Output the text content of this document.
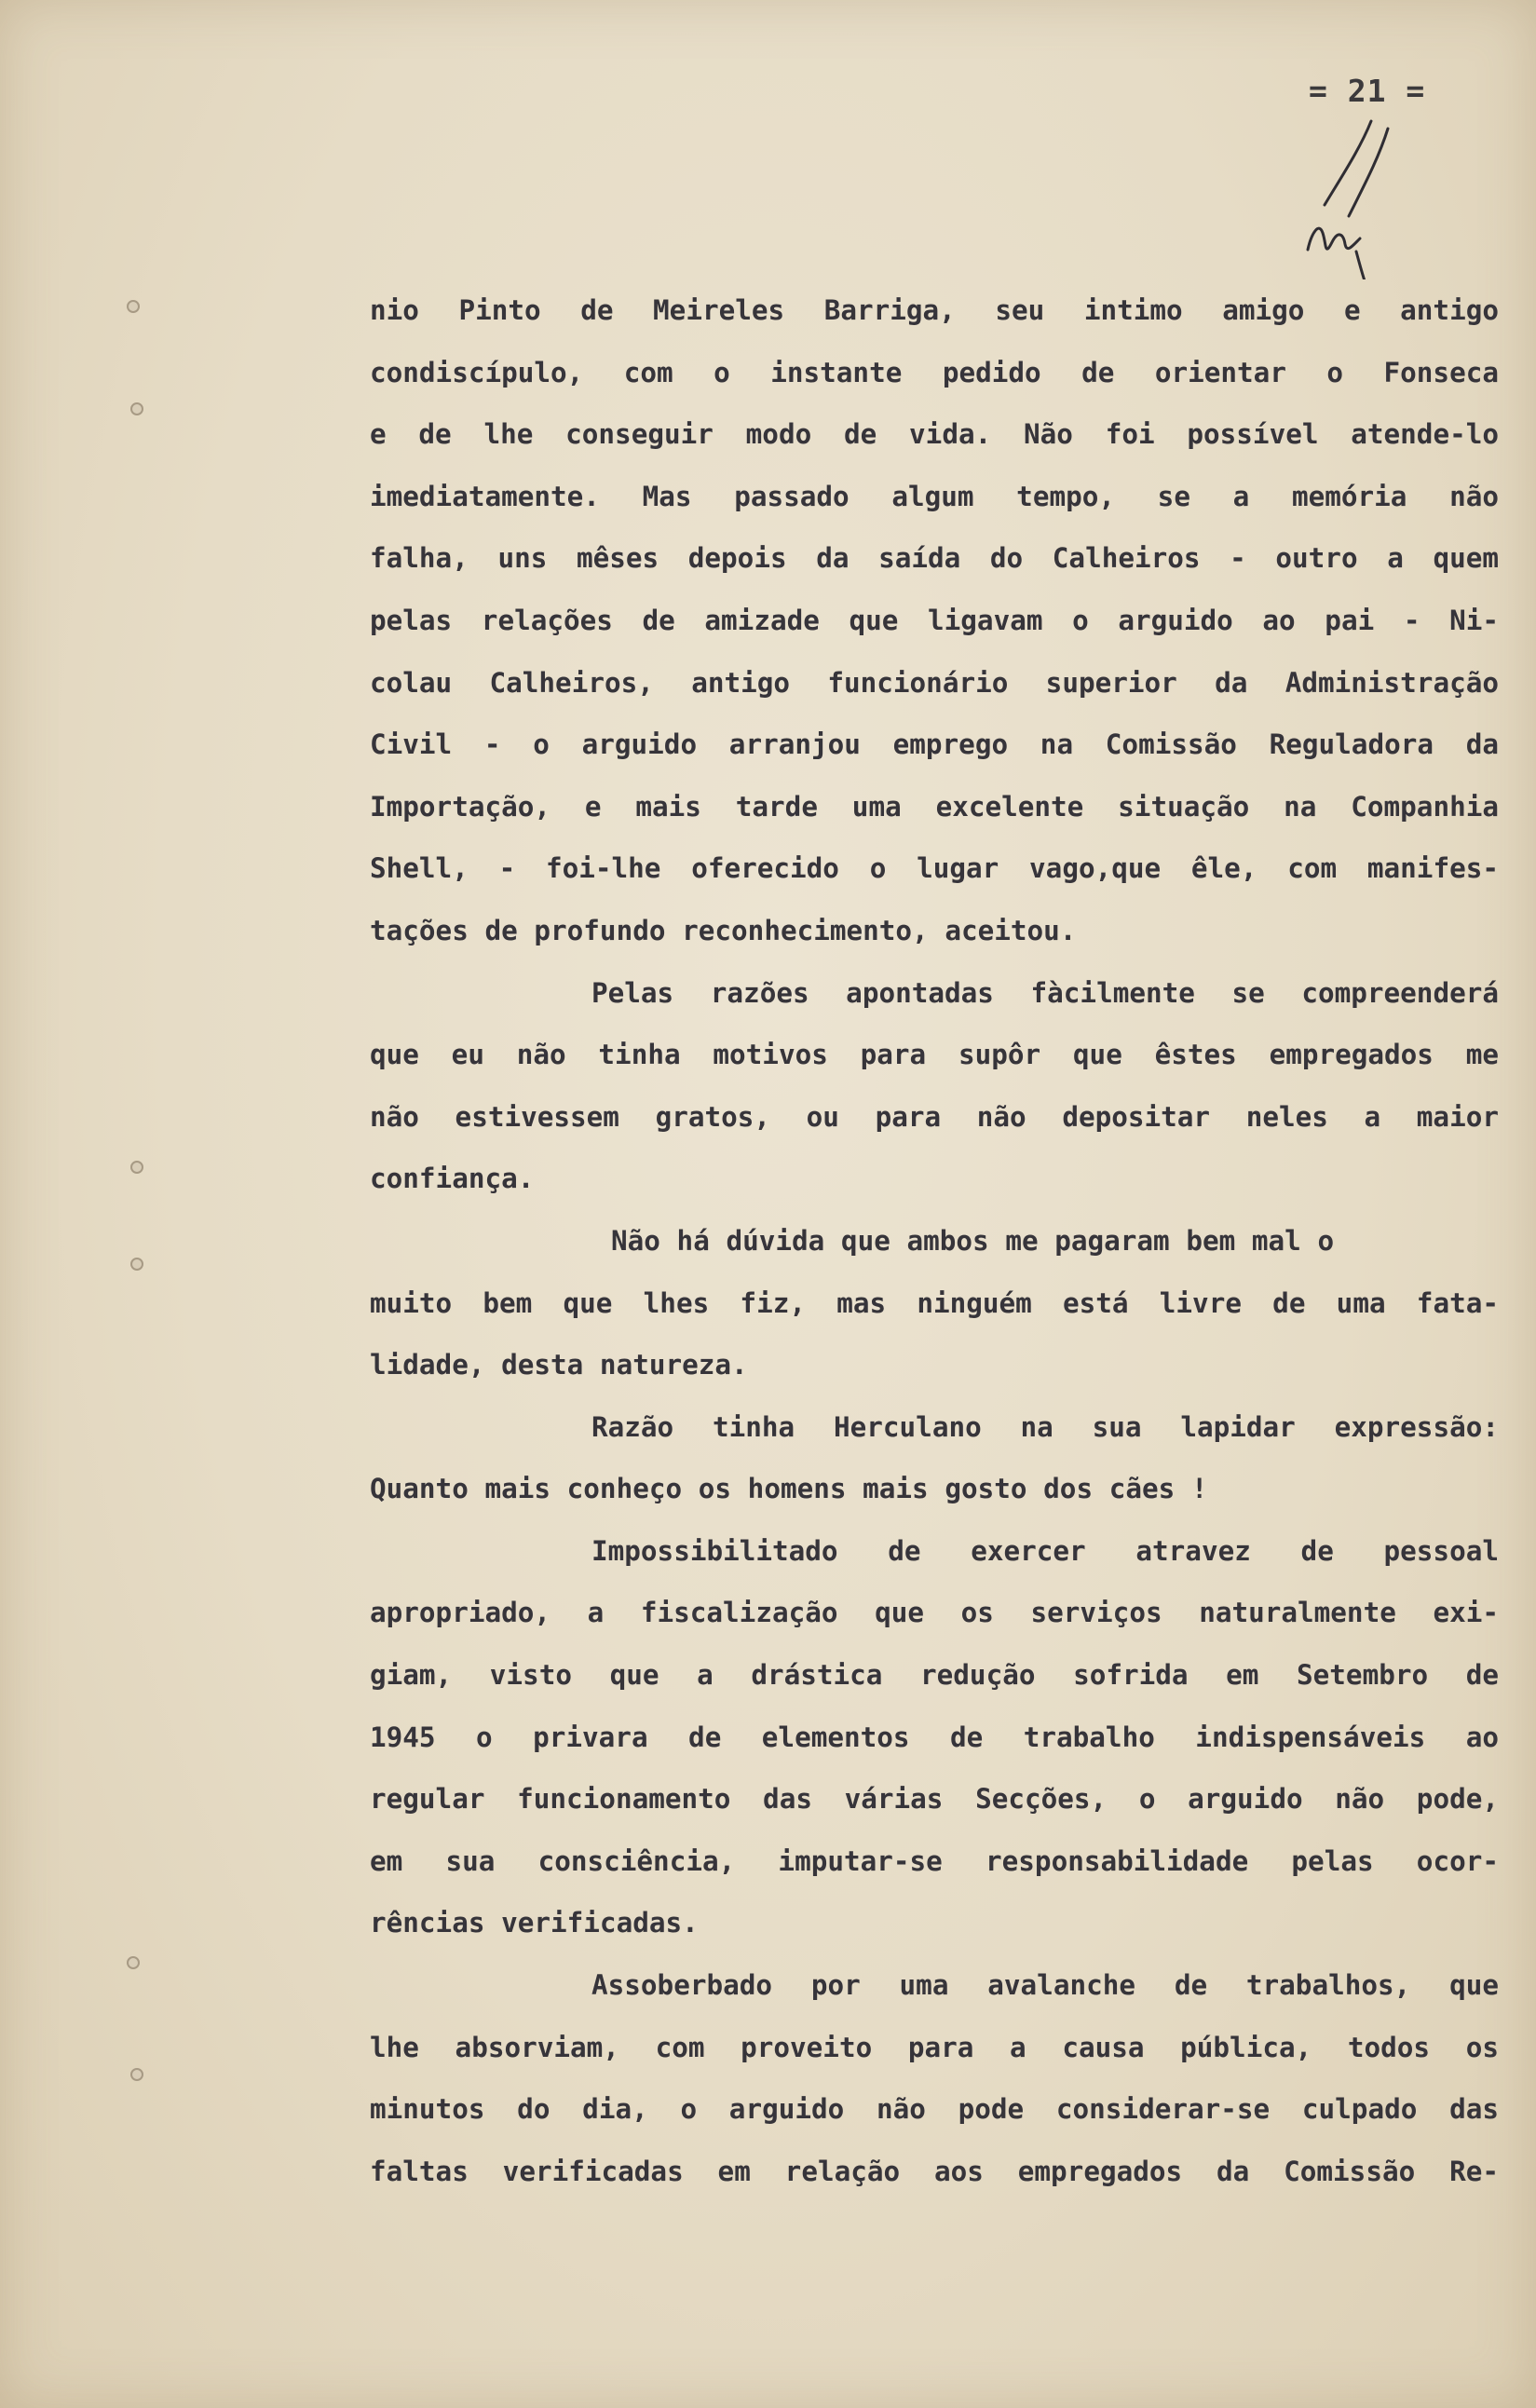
= 21 =
nio Pinto de Meireles Barriga, seu intimo amigo e antigo
condiscípulo, com o instante pedido de orientar o Fonseca
e de lhe conseguir modo de vida. Não foi possível atende-lo
imediatamente. Mas passado algum tempo, se a memória não
falha, uns mêses depois da saída do Calheiros - outro a quem
pelas relações de amizade que ligavam o arguido ao pai - Ni-
colau Calheiros, antigo funcionário superior da Administração
Civil - o arguido arranjou emprego na Comissão Reguladora da
Importação, e mais tarde uma excelente situação na Companhia
Shell, - foi-lhe oferecido o lugar vago,que êle, com manifes-
tações de profundo reconhecimento, aceitou.
Pelas razões apontadas fàcilmente se compreenderá
que eu não tinha motivos para supôr que êstes empregados me
não estivessem gratos, ou para não depositar neles a maior
confiança.
Não há dúvida que ambos me pagaram bem mal o
muito bem que lhes fiz, mas ninguém está livre de uma fata-
lidade, desta natureza.
Razão tinha Herculano na sua lapidar expressão:
Quanto mais conheço os homens mais gosto dos cães !
Impossibilitado de exercer atravez de pessoal
apropriado, a fiscalização que os serviços naturalmente exi-
giam, visto que a drástica redução sofrida em Setembro de
1945 o privara de elementos de trabalho indispensáveis ao
regular funcionamento das várias Secções, o arguido não pode,
em sua consciência, imputar-se responsabilidade pelas ocor-
rências verificadas.
Assoberbado por uma avalanche de trabalhos, que
lhe absorviam, com proveito para a causa pública, todos os
minutos do dia, o arguido não pode considerar-se culpado das
faltas verificadas em relação aos empregados da Comissão Re-
